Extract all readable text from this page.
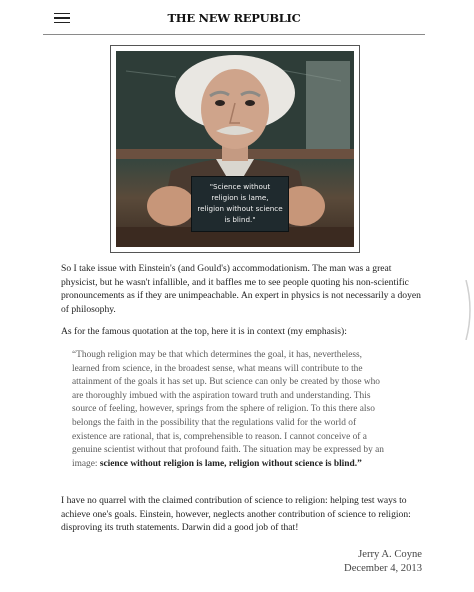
THE NEW REPUBLIC
"Science without
religion is lame,
religion without science
is blind."
So I take issue with Einstein's (and Gould's) accommodationism. The man was a great physicist, but he wasn't infallible, and it baffles me to see people quoting his non-scientific pronouncements as if they are unimpeachable. An expert in physics is not necessarily a doyen of philosophy.
As for the famous quotation at the top, here it is in context (my emphasis):
“Though religion may be that which determines the goal, it has, nevertheless, learned from science, in the broadest sense, what means will contribute to the attainment of the goals it has set up. But science can only be created by those who are thoroughly imbued with the aspiration toward truth and understanding. This source of feeling, however, springs from the sphere of religion. To this there also belongs the faith in the possibility that the regulations valid for the world of existence are rational, that is, comprehensible to reason. I cannot conceive of a genuine scientist without that profound faith. The situation may be expressed by an image: science without religion is lame, religion without science is blind.”
I have no quarrel with the claimed contribution of science to religion: helping test ways to achieve one's goals. Einstein, however, neglects another contribution of science to religion: disproving its truth statements. Darwin did a good job of that!
Jerry A. Coyne
December 4, 2013
